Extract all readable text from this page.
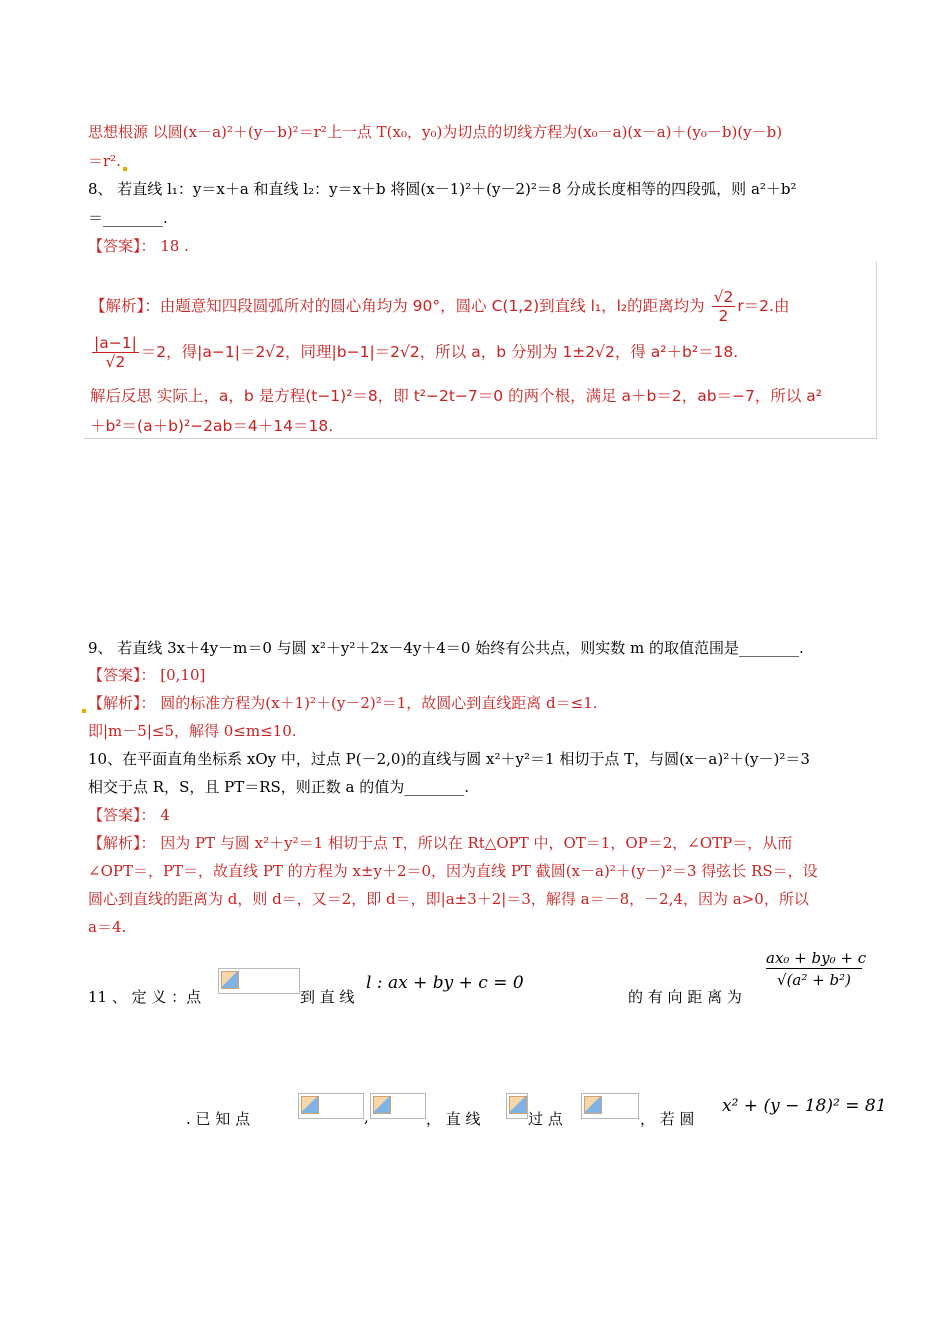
思想根源 以圆(x－a)²＋(y－b)²＝r²上一点 T(x₀，y₀)为切点的切线方程为(x₀－a)(x－a)＋(y₀－b)(y－b)
＝r².
8、 若直线 l₁：y＝x＋a 和直线 l₂：y＝x＋b 将圆(x－1)²＋(y－2)²＝8 分成长度相等的四段弧，则 a²＋b²
＝________.
【答案】： 18 .
【解析】：由题意知四段圆弧所对的圆心角均为 90°，圆心 C(1,2)到直线 l₁，l₂的距离均为 $\frac{√2}{2} r=2$.由
$\frac{|a-1|}{√2} =2$，得|a−1|＝2√2，同理|b−1|＝2√2，所以 a，b 分别为 1±2√2，得 a²＋b²＝18.
解后反思 实际上，a，b 是方程(t−1)²＝8，即 t²−2t−7＝0 的两个根，满足 a＋b＝2，ab＝−7，所以 a²
＋b²＝(a＋b)²−2ab＝4＋14＝18.
9、 若直线 3x＋4y－m＝0 与圆 x²＋y²＋2x－4y＋4＝0 始终有公共点，则实数 m 的取值范围是________.
【答案】： [0,10]
【解析】： 圆的标准方程为(x＋1)²＋(y－2)²＝1，故圆心到直线距离 d＝≤1.
即|m－5|≤5，解得 0≤m≤10.
10、在平面直角坐标系 xOy 中，过点 P(－2,0)的直线与圆 x²＋y²＝1 相切于点 T，与圆(x－a)²＋(y－)²＝3
相交于点 R，S，且 PT＝RS，则正数 a 的值为________.
【答案】： 4
【解析】： 因为 PT 与圆 x²＋y²＝1 相切于点 T，所以在 Rt△OPT 中，OT＝1，OP＝2，∠OTP＝，从而
∠OPT＝，PT＝，故直线 PT 的方程为 x±y＋2＝0，因为直线 PT 截圆(x－a)²＋(y－)²＝3 得弦长 RS＝，设
圆心到直线的距离为 d，则 d＝，又＝2，即 d＝，即|a±3＋2|＝3，解得 a＝－8，－2,4，因为 a>0，所以
a＝4.
11 、 定 义 ：点	到 直 线
l : ax + by + c = 0
的 有 向 距 离 为
$\frac{\text{ax₀ + by₀ + c}}{\text{√(a² + b²)}}$
. 已 知 点	,	， 直 线	过 点	， 若 圆
x² + (y − 18)² = 81
